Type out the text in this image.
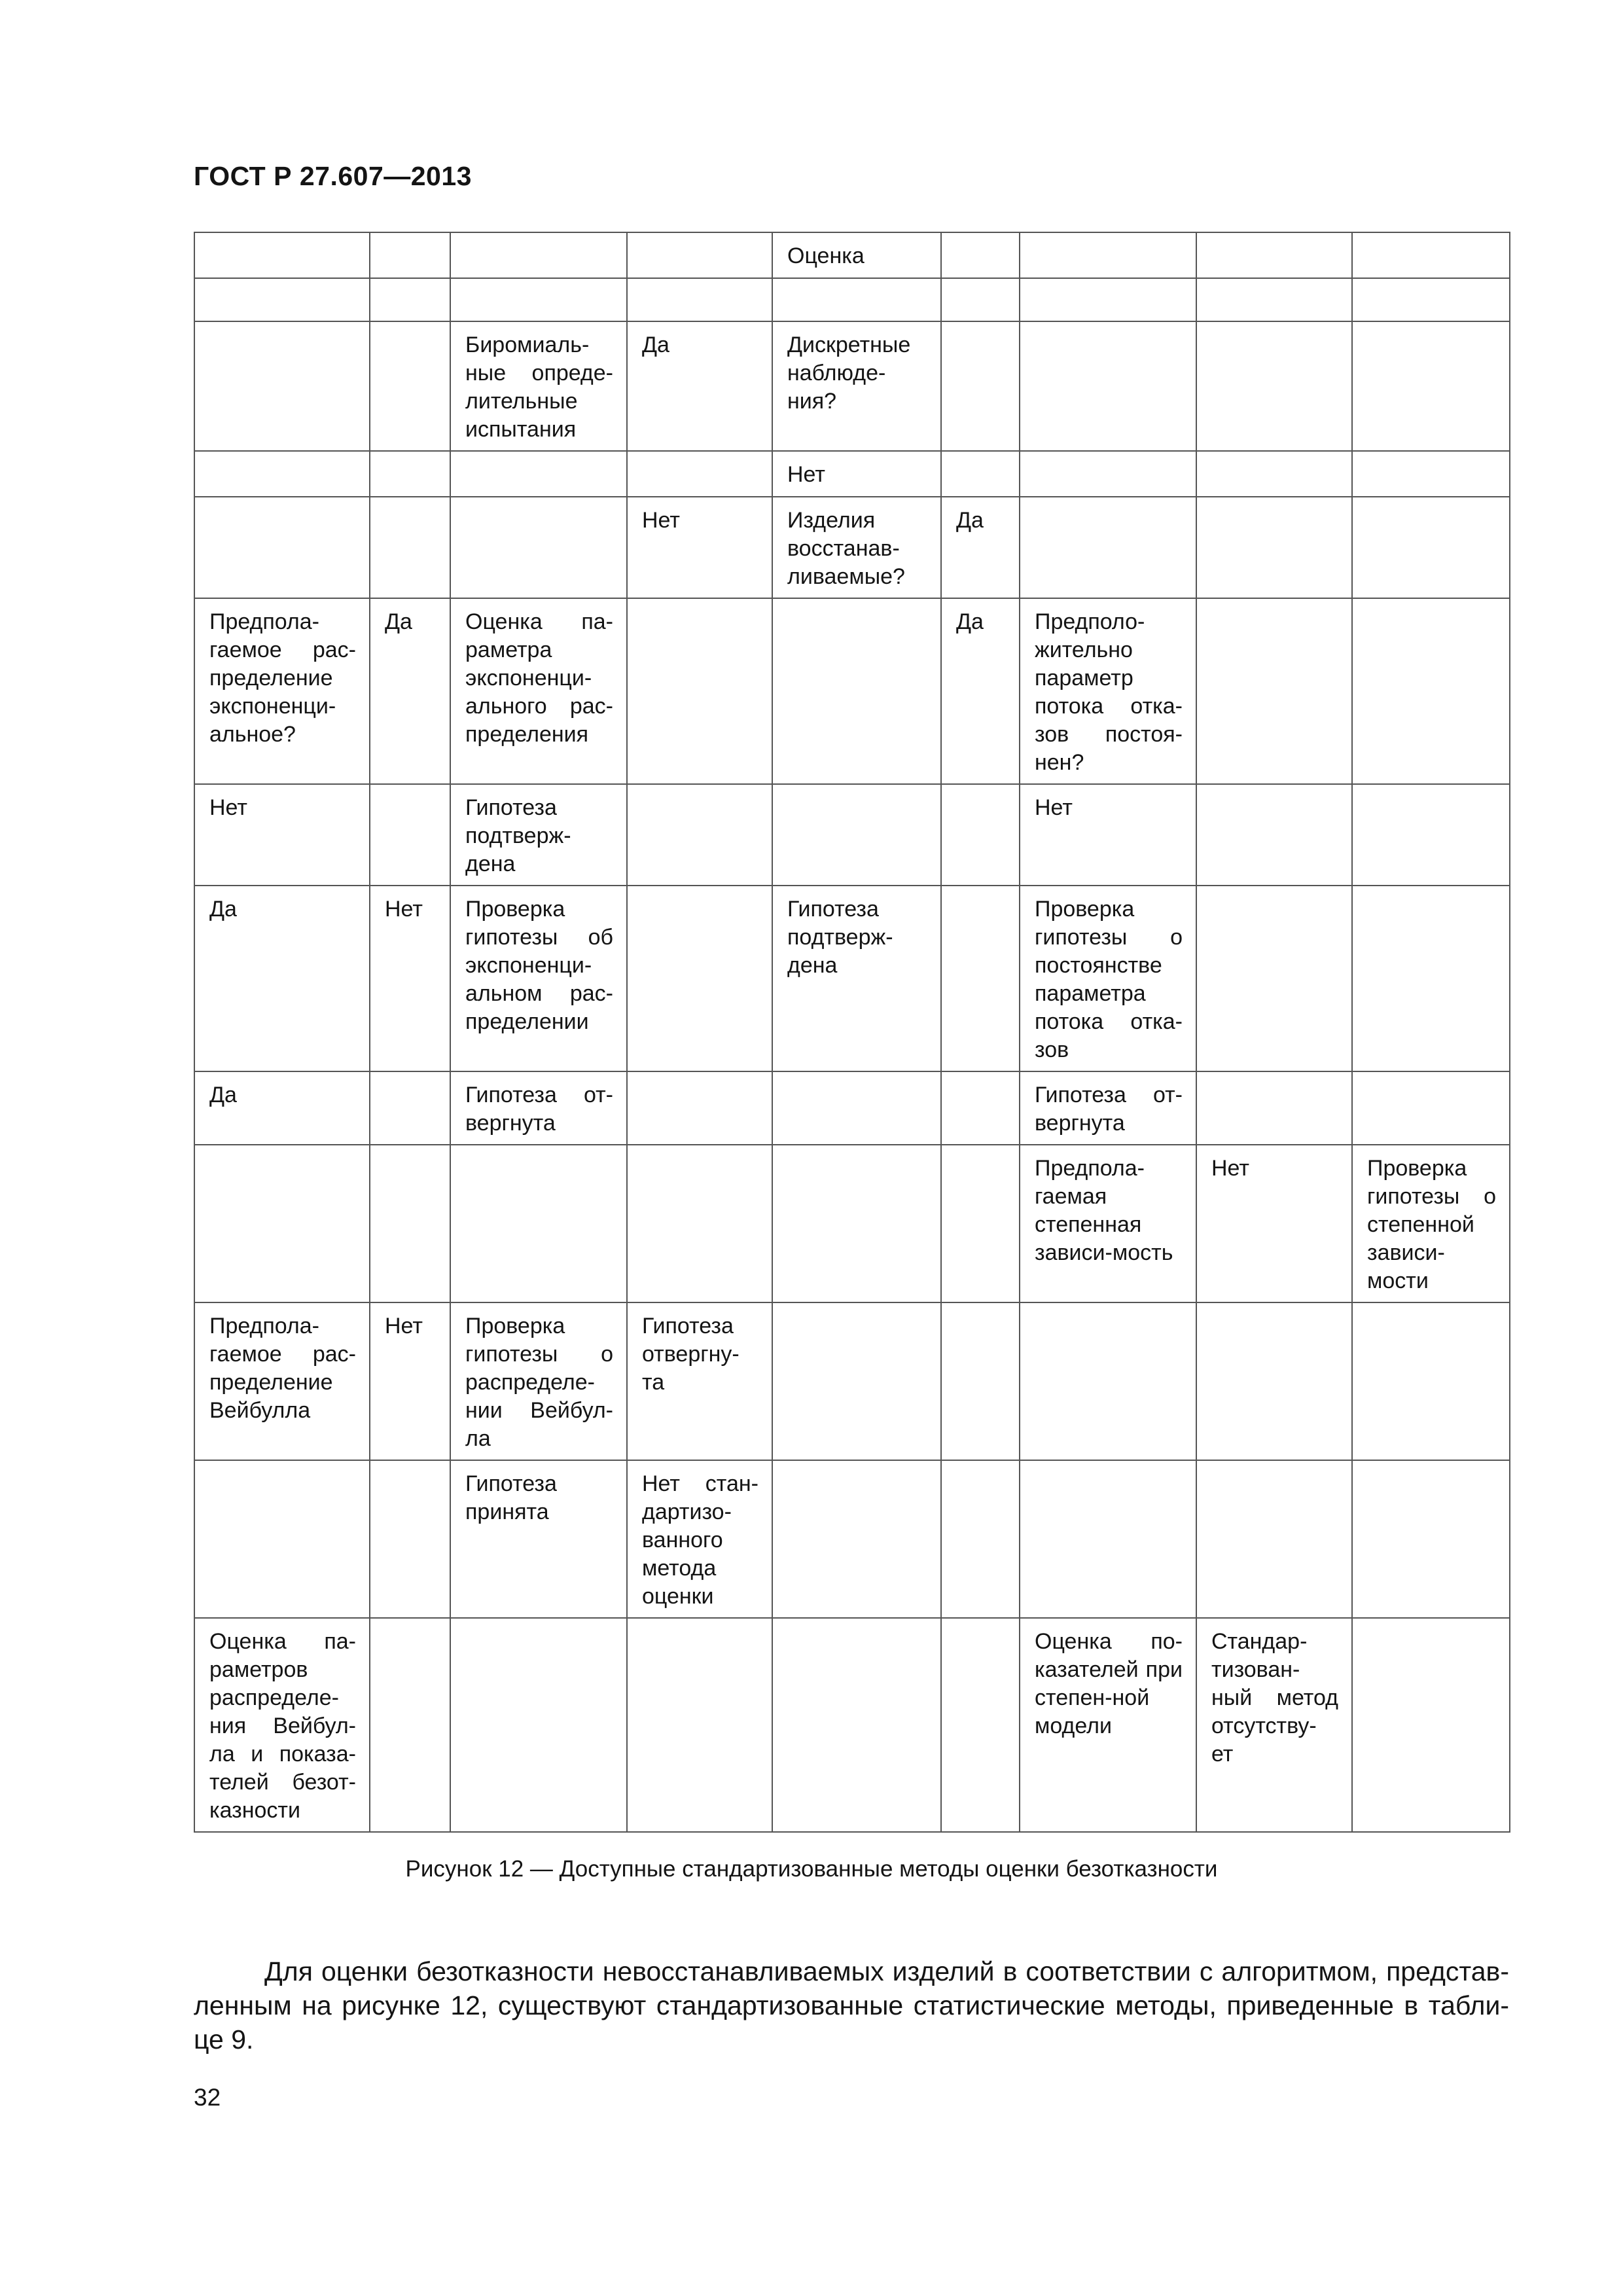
ГОСТ Р 27.607—2013
				Оценка				

		Биромиаль-ные опреде-лительные испытания	Да	Дискретные наблюде-ния?				
				Нет				
			Нет	Изделия восстанав-ливаемые?	Да			
Предпола-гаемое рас-пределение экспоненци-альное?	Да	Оценка па-раметра экспоненци-ального рас-пределения			Да	Предполо-жительно параметр потока отка-зов постоя-нен?		
Нет		Гипотеза подтверж-дена				Нет		
Да	Нет	Проверка гипотезы об экспоненци-альном рас-пределении		Гипотеза подтверж-дена		Проверка гипотезы о постоянстве параметра потока отка-зов		
Да		Гипотеза от-вергнута				Гипотеза от-вергнута		
						Предпола-гаемая степенная зависи-мость	Нет	Проверка гипотезы о степенной зависи-мости
Предпола-гаемое рас-пределение Вейбулла	Нет	Проверка гипотезы о распределе-нии Вейбул-ла	Гипотеза отвергну-та					
		Гипотеза принята	Нет стан-дартизо-ванного метода оценки					
Оценка па-раметров распределе-ния Вейбул-ла и показа-телей безот-казности						Оценка по-казателей при степен-ной модели	Стандар-тизован-ный метод отсутству-ет	
Рисунок 12 — Доступные стандартизованные методы оценки безотказности
Для оценки безотказности невосстанавливаемых изделий в соответствии с алгоритмом, представ-ленным на рисунке 12, существуют стандартизованные статистические методы, приведенные в табли-це 9.
32
